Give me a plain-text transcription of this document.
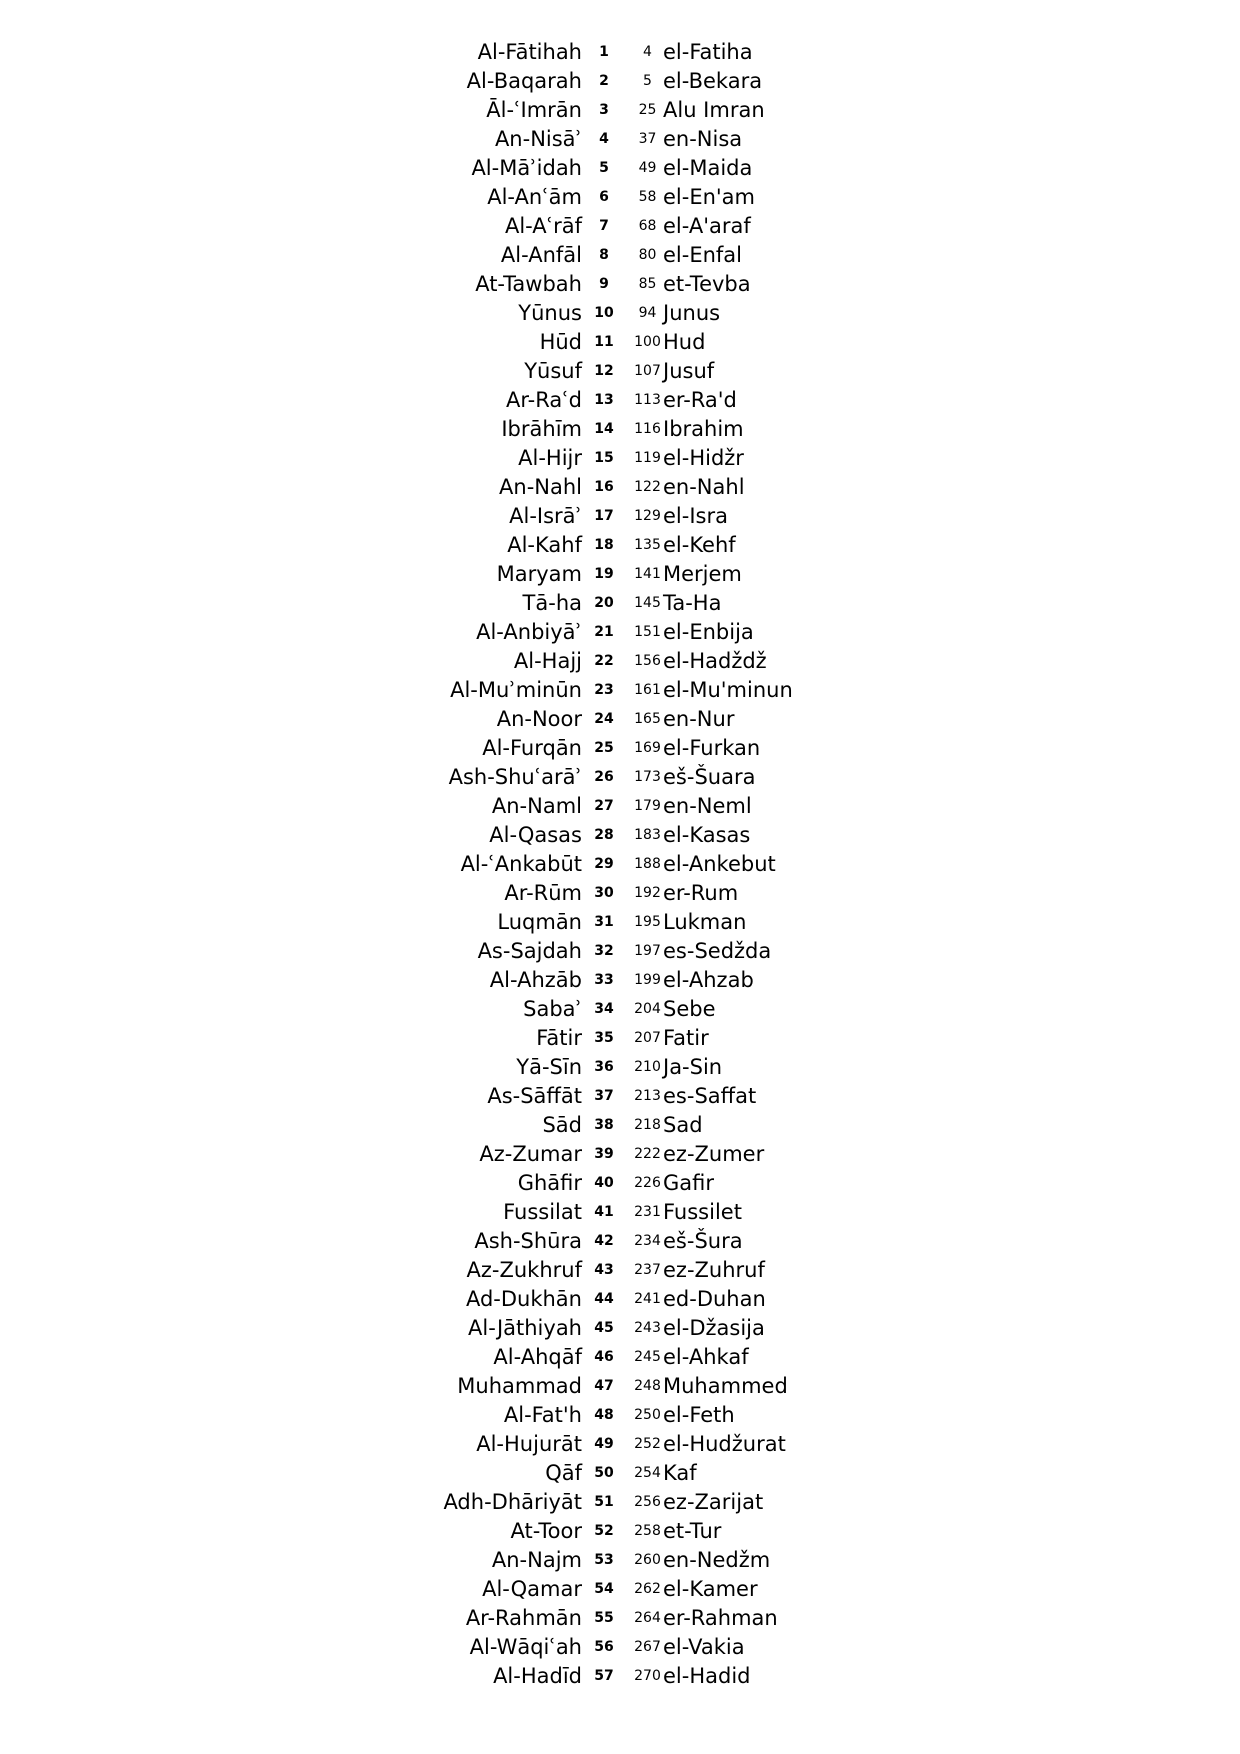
Al-Fātihah	1	4 el-Fatiha
Al-Baqarah	2	5 el-Bekara
Āl-ʿImrān	3	25 Alu Imran
An-Nisāʾ	4	37 en-Nisa
Al-Māʾidah	5	49 el-Maida
Al-Anʿām	6	58 el-En'am
Al-Aʿrāf	7	68 el-A'araf
Al-Anfāl	8	80 el-Enfal
At-Tawbah	9	85 et-Tevba
Yūnus 10	94 Junus
Hūd 11	100 Hud
Yūsuf 12	107 Jusuf
Ar-Raʿd 13	113 er-Ra'd
Ibrāhīm 14	116 Ibrahim
Al-Hijr 15	119 el-Hidžr
An-Nahl 16	122 en-Nahl
Al-Isrāʾ 17	129 el-Isra
Al-Kahf 18	135 el-Kehf
Maryam 19	141 Merjem
Tā-ha 20	145 Ta-Ha
Al-Anbiyāʾ 21	151 el-Enbija
Al-Hajj 22	156 el-Hadždž
Al-Muʾminūn 23	161 el-Mu'minun
An-Noor 24	165 en-Nur
Al-Furqān 25	169 el-Furkan
Ash-Shuʿarāʾ 26	173 eš-Šuara
An-Naml 27	179 en-Neml
Al-Qasas 28	183 el-Kasas
Al-ʿAnkabūt 29	188 el-Ankebut
Ar-Rūm 30	192 er-Rum
Luqmān 31	195 Lukman
As-Sajdah 32	197 es-Sedžda
Al-Ahzāb 33	199 el-Ahzab
Sabaʾ 34	204 Sebe
Fātir 35	207 Fatir
Yā-Sīn 36	210 Ja-Sin
As-Sāffāt 37	213 es-Saffat
Sād 38	218 Sad
Az-Zumar 39	222 ez-Zumer
Ghāfir 40	226 Gafir
Fussilat 41	231 Fussilet
Ash-Shūra 42	234 eš-Šura
Az-Zukhruf 43	237 ez-Zuhruf
Ad-Dukhān 44	241 ed-Duhan
Al-Jāthiyah 45	243 el-Džasija
Al-Ahqāf 46	245 el-Ahkaf
Muhammad 47	248 Muhammed
Al-Fat'h 48	250 el-Feth
Al-Hujurāt 49	252 el-Hudžurat
Qāf 50	254 Kaf
Adh-Dhāriyāt 51	256 ez-Zarijat
At-Toor 52	258 et-Tur
An-Najm 53	260 en-Nedžm
Al-Qamar 54	262 el-Kamer
Ar-Rahmān 55	264 er-Rahman
Al-Wāqiʿah 56	267 el-Vakia
Al-Hadīd 57	270 el-Hadid
